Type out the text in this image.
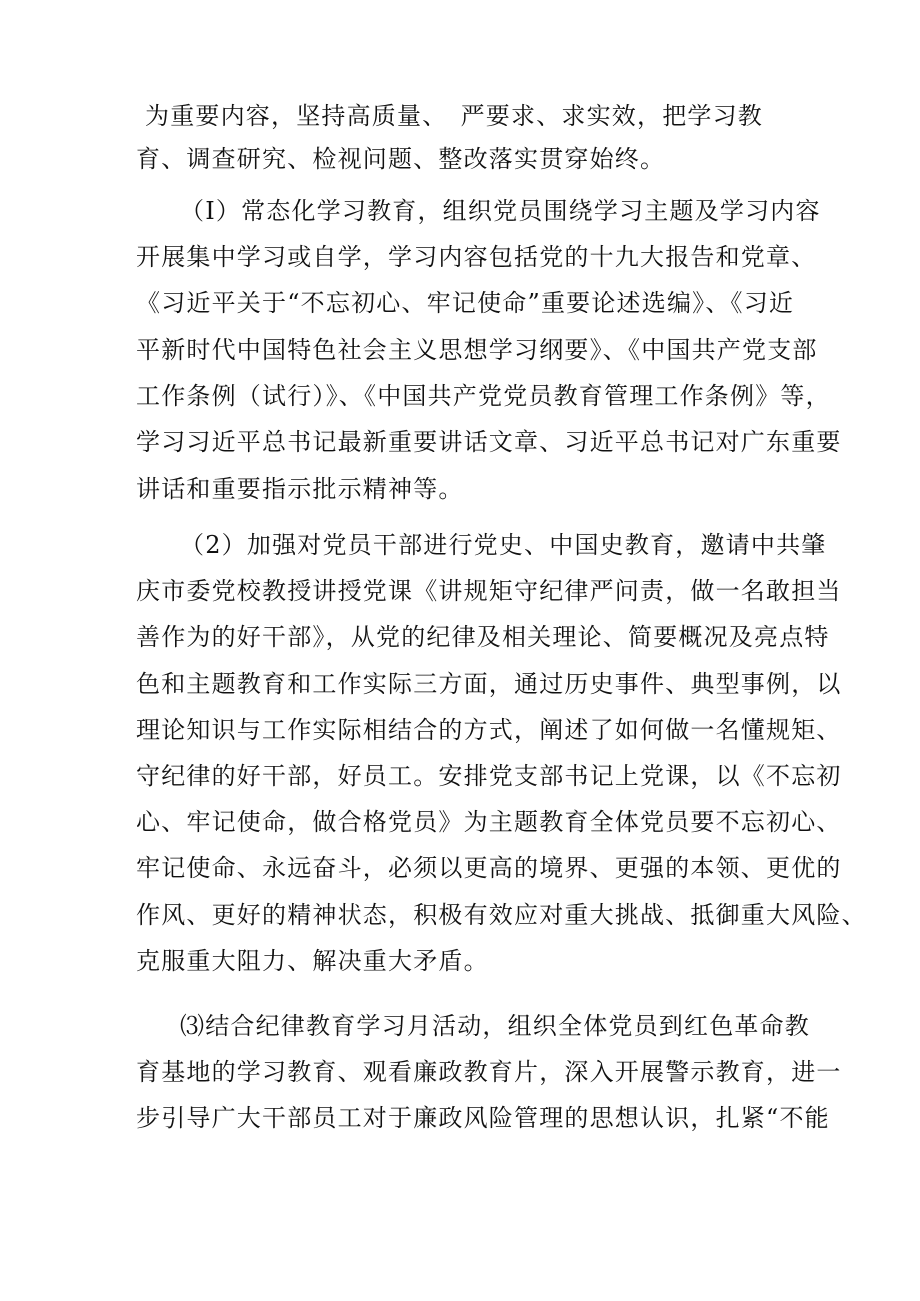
为重要内容，坚持高质量、　严要求、求实效，把学习教
育、调查研究、检视问题、整改落实贯穿始终。
（I）常态化学习教育，组织党员围绕学习主题及学习内容
开展集中学习或自学，学习内容包括党的十九大报告和党章、
《习近平关于“不忘初心、牢记使命”重要论述选编》、《习近
平新时代中国特色社会主义思想学习纲要》、《中国共产党支部
工作条例（试行）》、《中国共产党党员教育管理工作条例》等，
学习习近平总书记最新重要讲话文章、习近平总书记对广东重要
讲话和重要指示批示精神等。
（2）加强对党员干部进行党史、中国史教育，邀请中共肇
庆市委党校教授讲授党课《讲规矩守纪律严问责，做一名敢担当
善作为的好干部》，从党的纪律及相关理论、简要概况及亮点特
色和主题教育和工作实际三方面，通过历史事件、典型事例，以
理论知识与工作实际相结合的方式，阐述了如何做一名懂规矩、
守纪律的好干部，好员工。安排党支部书记上党课，以《不忘初
心、牢记使命，做合格党员》为主题教育全体党员要不忘初心、
牢记使命、永远奋斗，必须以更高的境界、更强的本领、更优的
作风、更好的精神状态，积极有效应对重大挑战、抵御重大风险、
克服重大阻力、解决重大矛盾。
⑶结合纪律教育学习月活动，组织全体党员到红色革命教
育基地的学习教育、观看廉政教育片，深入开展警示教育，进一
步引导广大干部员工对于廉政风险管理的思想认识，扎紧“不能
